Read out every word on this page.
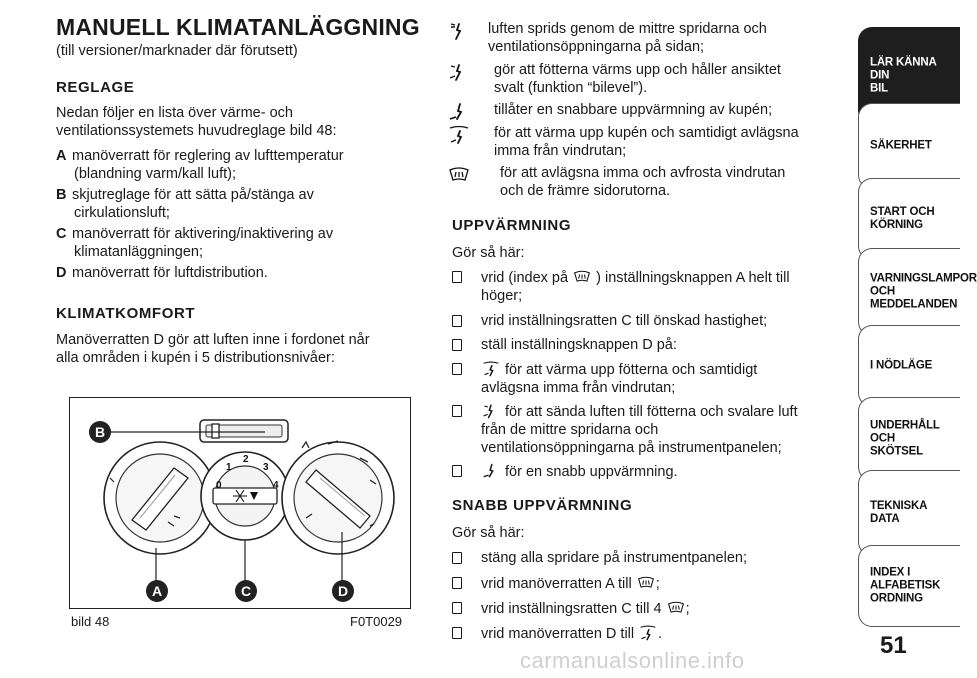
MANUELL KLIMATANLÄGGNING
(till versioner/marknader där förutsett)
REGLAGE
Nedan följer en lista över värme- och
ventilationssystemets huvudreglage bild 48:
A manöverratt för reglering av lufttemperatur
(blandning varm/kall luft);
B skjutreglage för att sätta på/stänga av
cirkulationsluft;
C manöverratt för aktivering/inaktivering av
klimatanläggningen;
D manöverratt för luftdistribution.
KLIMATKOMFORT
Manöverratten D gör att luften inne i fordonet når
alla områden i kupén i 5 distributionsnivåer:
B
A	C	D
0
1
2
3
4
bild 48	F0T0029
luften sprids genom de mittre spridarna och
ventilationsöppningarna på sidan;
gör att fötterna värms upp och håller ansiktet
svalt (funktion “bilevel”).
tillåter en snabbare uppvärmning av kupén;
för att värma upp kupén och samtidigt avlägsna
imma från vindrutan;
för att avlägsna imma och avfrosta vindrutan
och de främre sidorutorna.
UPPVÄRMNING
Gör så här:
vrid (index på ) inställningsknappen A helt till
höger;
vrid inställningsratten C till önskad hastighet;
ställ inställningsknappen D på:
för att värma upp fötterna och samtidigt
avlägsna imma från vindrutan;
för att sända luften till fötterna och svalare luft
från de mittre spridarna och
ventilationsöppningarna på instrumentpanelen;
för en snabb uppvärmning.
SNABB UPPVÄRMNING
Gör så här:
stäng alla spridare på instrumentpanelen;
vrid manöverratten A till ;
vrid inställningsratten C till 4 ;
vrid manöverratten D till .
LÄR KÄNNA DIN
BIL
SÄKERHET
START OCH
KÖRNING
VARNINGSLAMPOR
OCH
MEDDELANDEN
I NÖDLÄGE
UNDERHÅLL OCH
SKÖTSEL
TEKNISKA DATA
INDEX I ALFABETISK
ORDNING
51
carmanualsonline.info
